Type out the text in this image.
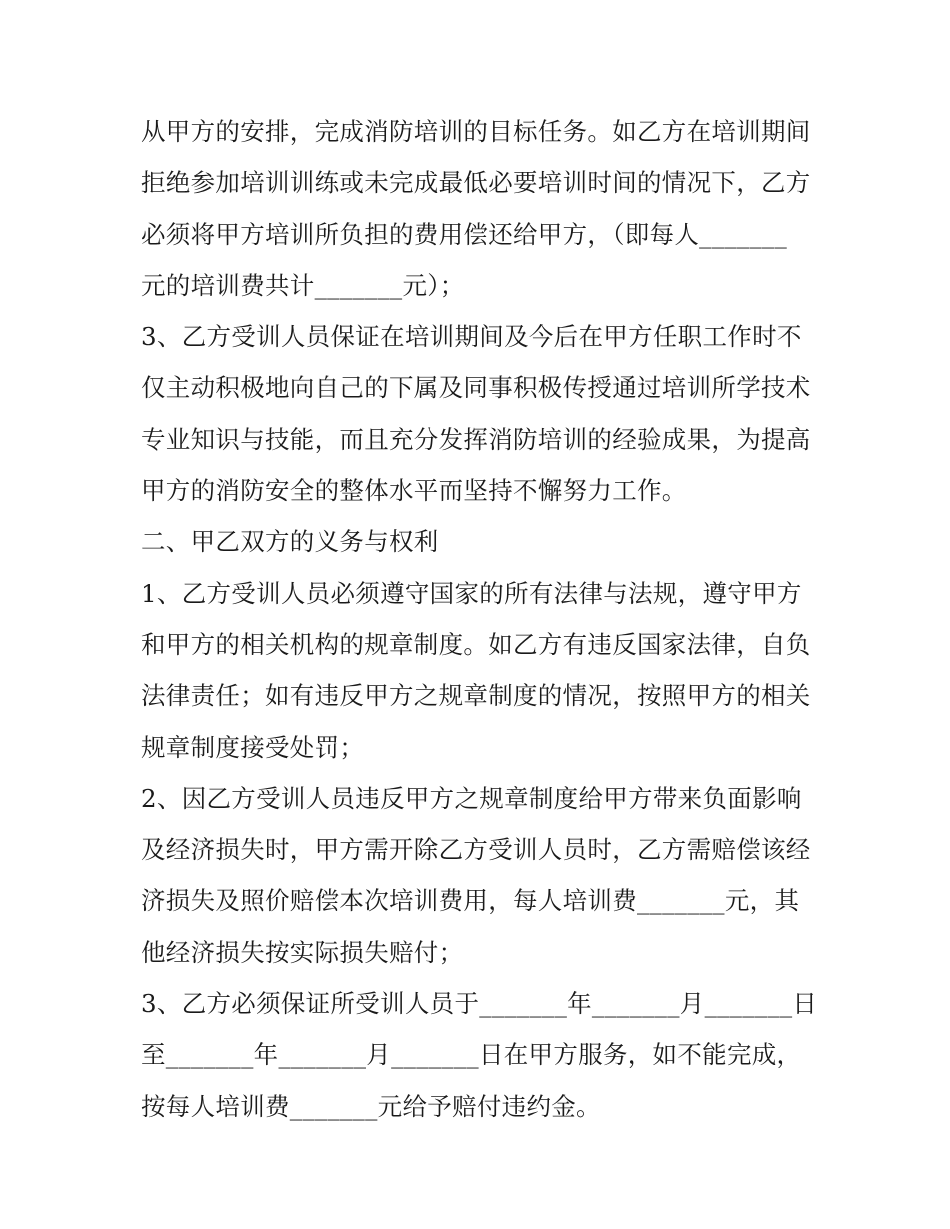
从甲方的安排，完成消防培训的目标任务。如乙方在培训期间
拒绝参加培训训练或未完成最低必要培训时间的情况下，乙方
必须将甲方培训所负担的费用偿还给甲方，（即每人_______
元的培训费共计_______元）；
3、乙方受训人员保证在培训期间及今后在甲方任职工作时不
仅主动积极地向自己的下属及同事积极传授通过培训所学技术
专业知识与技能，而且充分发挥消防培训的经验成果，为提高
甲方的消防安全的整体水平而坚持不懈努力工作。
二、甲乙双方的义务与权利
1、乙方受训人员必须遵守国家的所有法律与法规，遵守甲方
和甲方的相关机构的规章制度。如乙方有违反国家法律，自负
法律责任；如有违反甲方之规章制度的情况，按照甲方的相关
规章制度接受处罚；
2、因乙方受训人员违反甲方之规章制度给甲方带来负面影响
及经济损失时，甲方需开除乙方受训人员时，乙方需赔偿该经
济损失及照价赔偿本次培训费用，每人培训费_______元，其
他经济损失按实际损失赔付；
3、乙方必须保证所受训人员于_______年_______月_______日
至_______年_______月_______日在甲方服务，如不能完成，
按每人培训费_______元给予赔付违约金。
